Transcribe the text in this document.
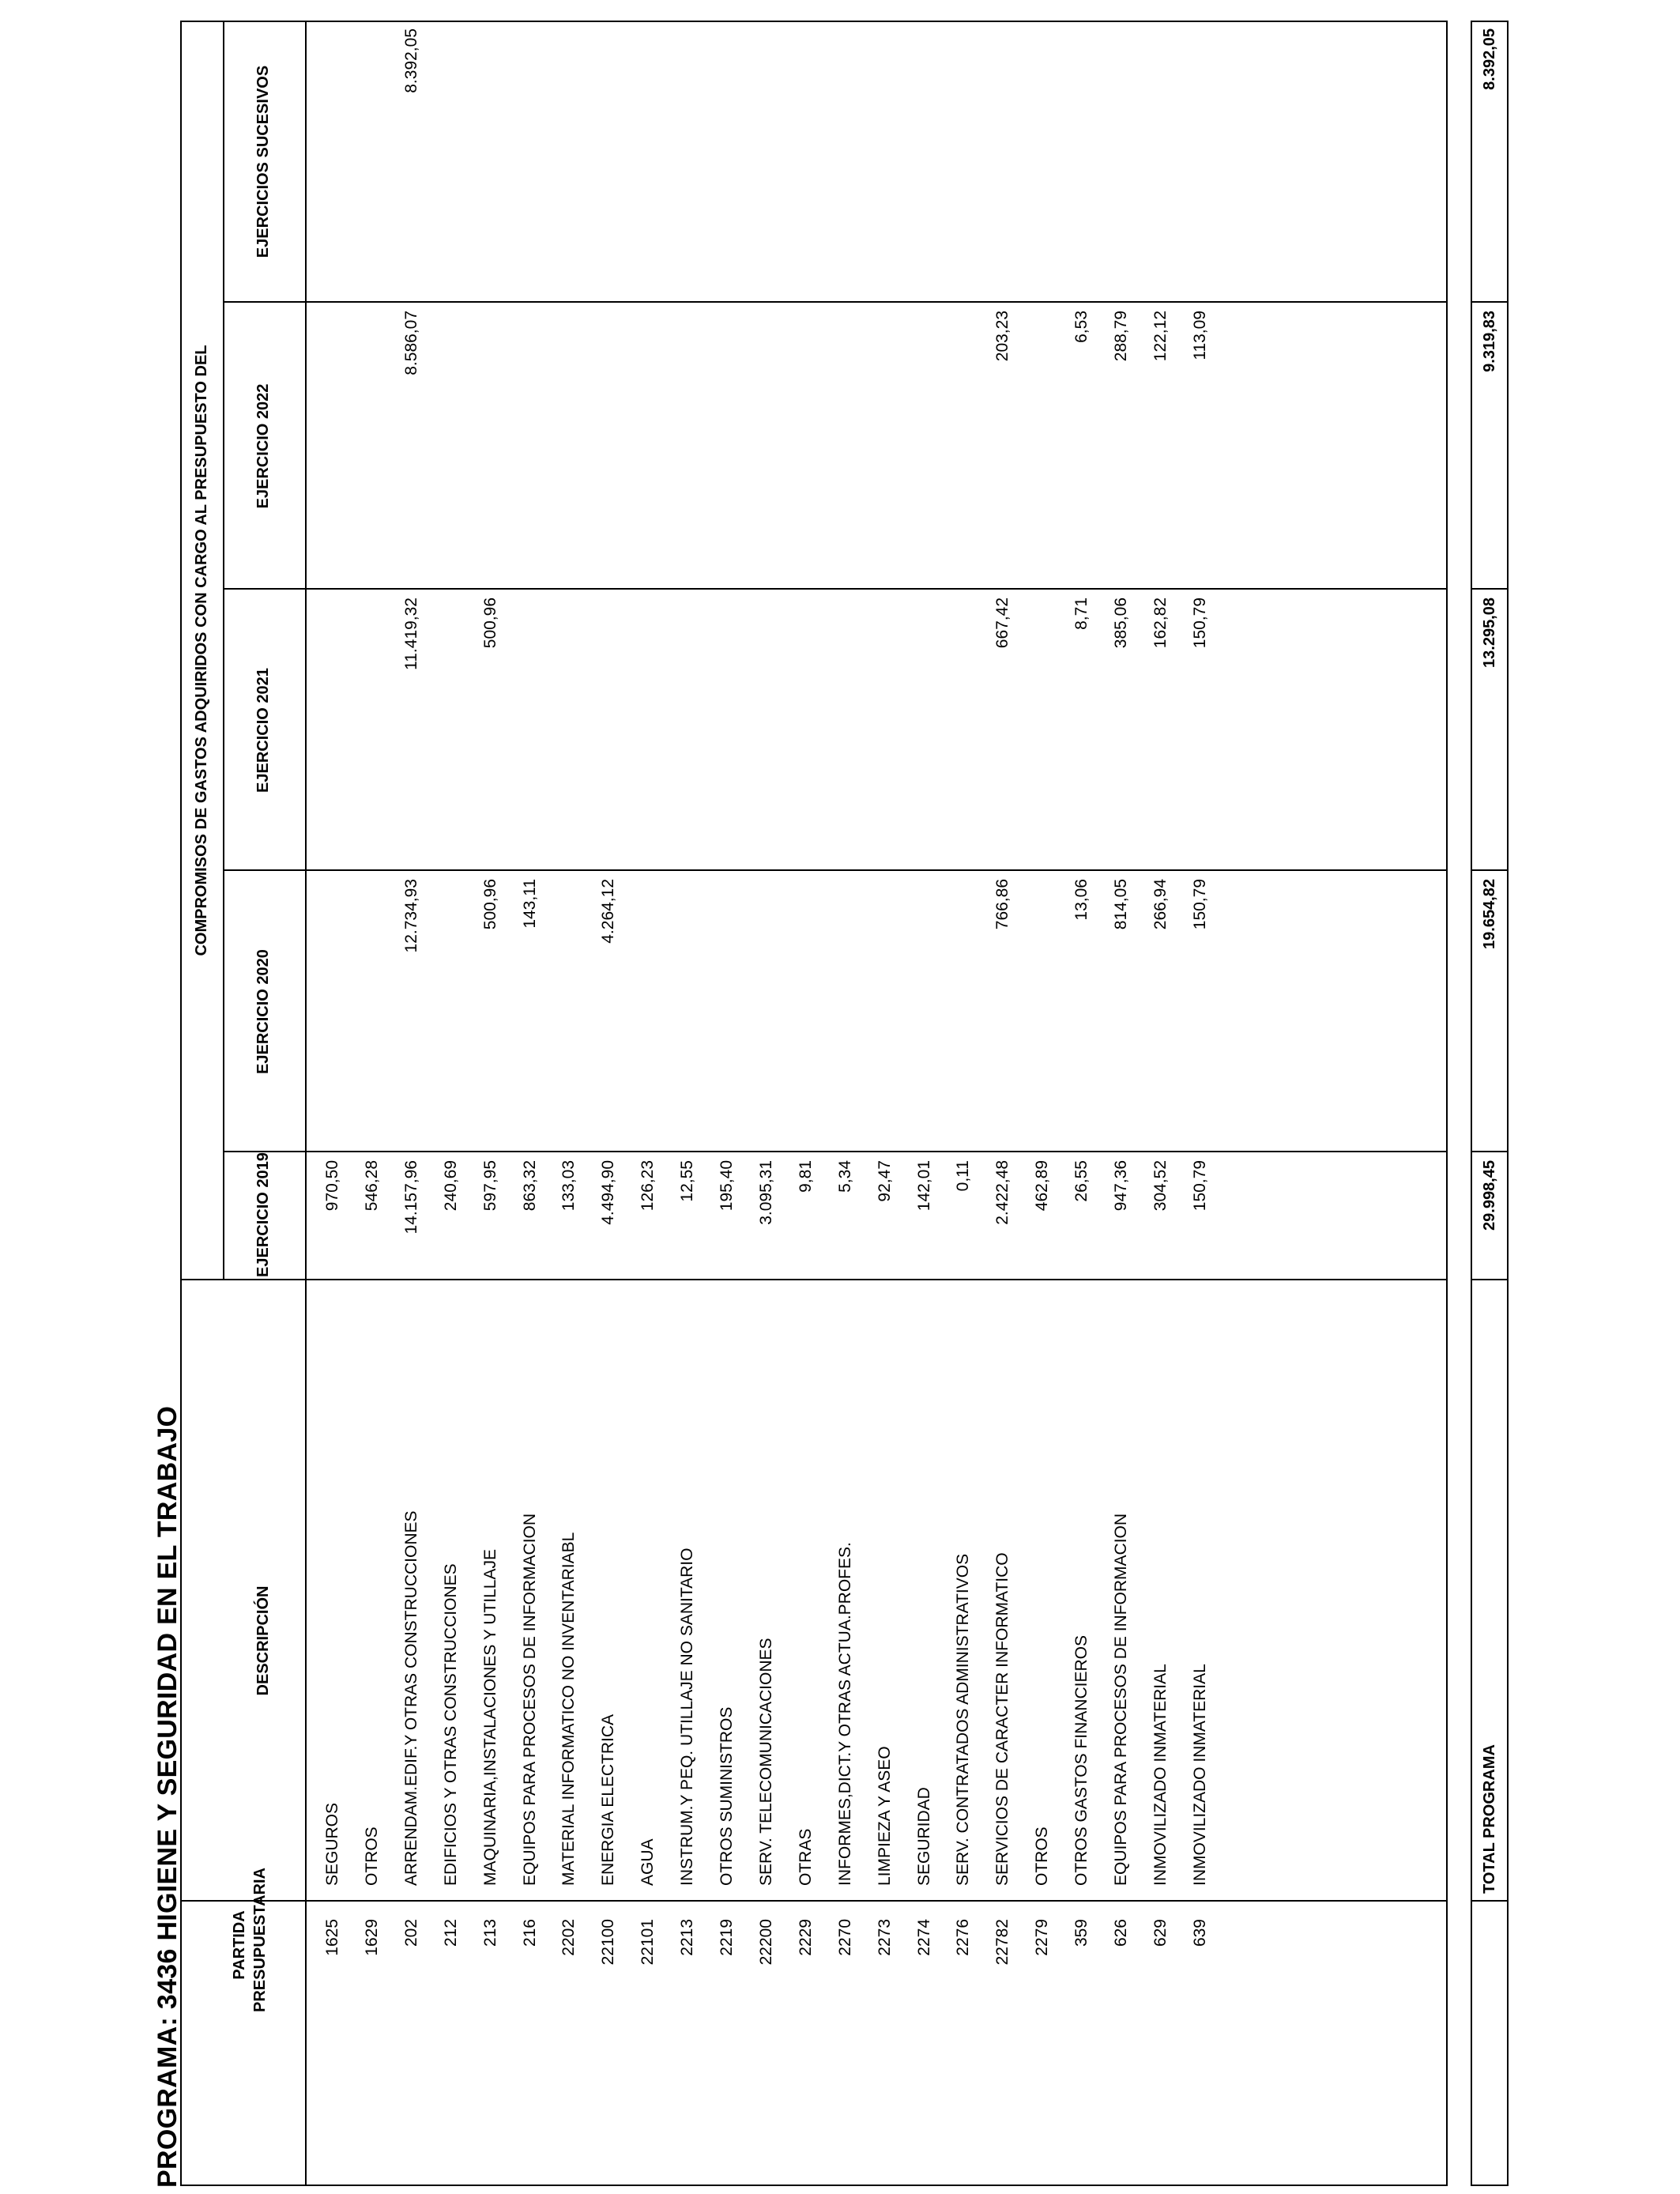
PROGRAMA: 3436 HIGIENE Y SEGURIDAD EN EL TRABAJO	PARTIDA PRESUPUESTARIA
DESCRIPCIÓN
COMPROMISOS DE GASTOS ADQUIRIDOS CON CARGO AL PRESUPUESTO DEL
EJERCICIO 2019
EJERCICIO 2020
EJERCICIO 2021
EJERCICIO 2022
EJERCICIOS SUCESIVOS
1625
SEGUROS
970,50
1629
OTROS
546,28
202
ARRENDAM.EDIF.Y OTRAS CONSTRUCCIONES
14.157,96
12.734,93
11.419,32
8.586,07
8.392,05
212
EDIFICIOS Y OTRAS CONSTRUCCIONES
240,69
213
MAQUINARIA,INSTALACIONES Y UTILLAJE
597,95
500,96
500,96
216
EQUIPOS PARA PROCESOS DE INFORMACION
863,32
143,11
2202
MATERIAL INFORMATICO NO INVENTARIABL
133,03
22100
ENERGIA ELECTRICA
4.494,90
4.264,12
22101
AGUA
126,23
2213
INSTRUM.Y PEQ. UTILLAJE NO SANITARIO
12,55
2219
OTROS SUMINISTROS
195,40
22200
SERV. TELECOMUNICACIONES
3.095,31
2229
OTRAS
9,81
2270
INFORMES,DICT.Y OTRAS ACTUA.PROFES.
5,34
2273
LIMPIEZA Y ASEO
92,47
2274
SEGURIDAD
142,01
2276
SERV. CONTRATADOS ADMINISTRATIVOS
0,11
22782
SERVICIOS DE CARACTER INFORMATICO
2.422,48
766,86
667,42
203,23
2279
OTROS
462,89
359
OTROS GASTOS FINANCIEROS
26,55
13,06
8,71
6,53
626
EQUIPOS PARA PROCESOS DE INFORMACION
947,36
814,05
385,06
288,79
629
INMOVILIZADO INMATERIAL
304,52
266,94
162,82
122,12
639
INMOVILIZADO INMATERIAL
150,79
150,79
150,79
113,09
TOTAL PROGRAMA
29.998,45
19.654,82
13.295,08
9.319,83
8.392,05
